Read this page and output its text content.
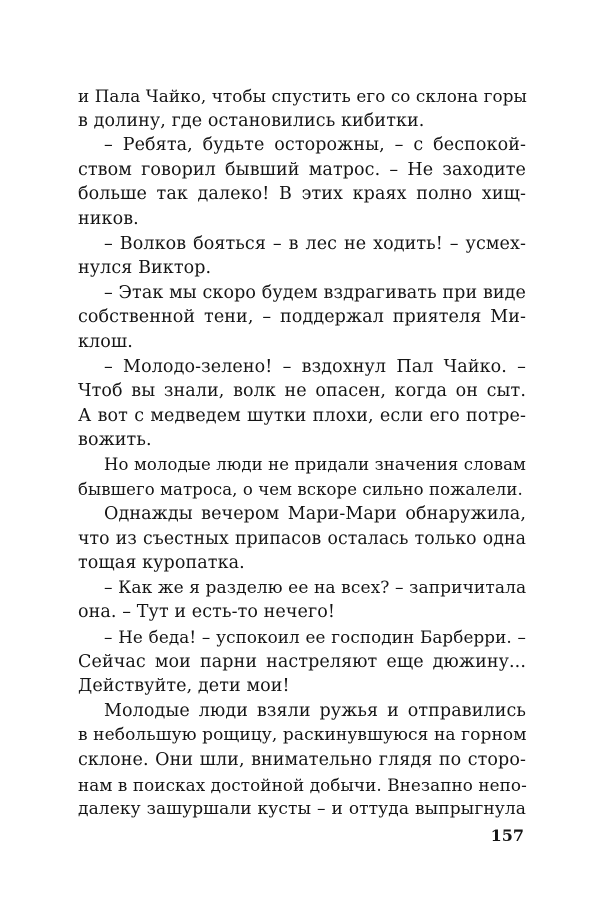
и Пала Чайко, чтобы спустить его со склона горы
в долину, где остановились кибитки.
– Ребята, будьте осторожны, – с беспокой-
ством говорил бывший матрос. – Не заходите
больше так далеко! В этих краях полно хищ-
ников.
– Волков бояться – в лес не ходить! – усмех-
нулся Виктор.
– Этак мы скоро будем вздрагивать при виде
собственной тени, – поддержал приятеля Ми-
клош.
– Молодо-зелено! – вздохнул Пал Чайко. –
Чтоб вы знали, волк не опасен, когда он сыт.
А вот с медведем шутки плохи, если его потре-
вожить.
Но молодые люди не придали значения словам
бывшего матроса, о чем вскоре сильно пожалели.
Однажды вечером Мари-Мари обнаружила,
что из съестных припасов осталась только одна
тощая куропатка.
– Как же я разделю ее на всех? – запричитала
она. – Тут и есть-то нечего!
– Не беда! – успокоил ее господин Барберри. –
Сейчас мои парни настреляют еще дюжину...
Действуйте, дети мои!
Молодые люди взяли ружья и отправились
в небольшую рощицу, раскинувшуюся на горном
склоне. Они шли, внимательно глядя по сторо-
нам в поисках достойной добычи. Внезапно непо-
далеку зашуршали кусты – и оттуда выпрыгнула
157
